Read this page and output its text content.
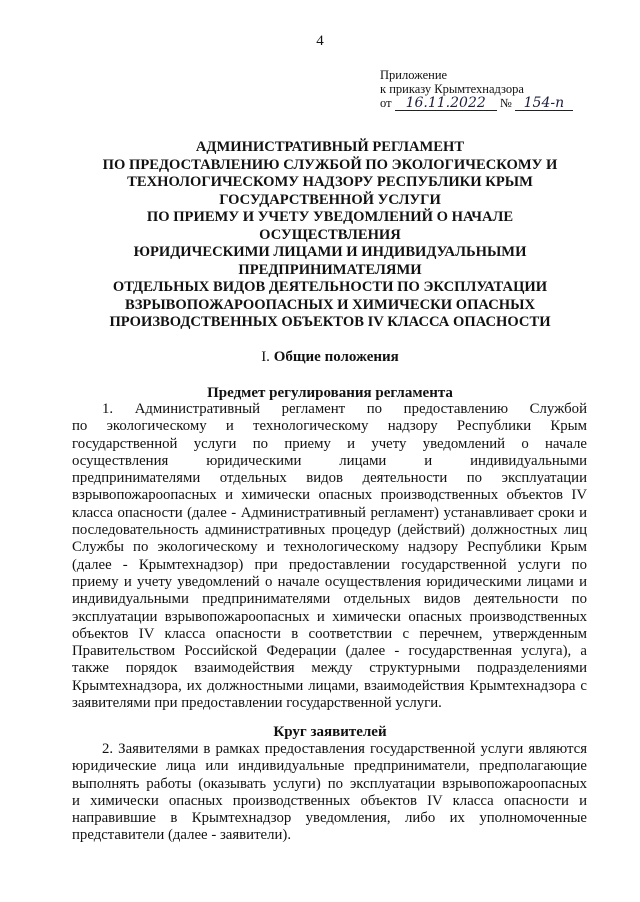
4
Приложение
к приказу Крымтехнадзора
от 16.11.2022 № 154-п
АДМИНИСТРАТИВНЫЙ РЕГЛАМЕНТ
ПО ПРЕДОСТАВЛЕНИЮ СЛУЖБОЙ ПО ЭКОЛОГИЧЕСКОМУ И
ТЕХНОЛОГИЧЕСКОМУ НАДЗОРУ РЕСПУБЛИКИ КРЫМ
ГОСУДАРСТВЕННОЙ УСЛУГИ
ПО ПРИЕМУ И УЧЕТУ УВЕДОМЛЕНИЙ О НАЧАЛЕ
ОСУЩЕСТВЛЕНИЯ
ЮРИДИЧЕСКИМИ ЛИЦАМИ И ИНДИВИДУАЛЬНЫМИ
ПРЕДПРИНИМАТЕЛЯМИ
ОТДЕЛЬНЫХ ВИДОВ ДЕЯТЕЛЬНОСТИ ПО ЭКСПЛУАТАЦИИ
ВЗРЫВОПОЖАРООПАСНЫХ И ХИМИЧЕСКИ ОПАСНЫХ
ПРОИЗВОДСТВЕННЫХ ОБЪЕКТОВ IV КЛАССА ОПАСНОСТИ
I. Общие положения
Предмет регулирования регламента
1. Административный регламент по предоставлению Службой
по экологическому и технологическому надзору Республики Крым
государственной услуги по приему и учету уведомлений о начале
осуществления юридическими лицами и индивидуальными
предпринимателями отдельных видов деятельности по эксплуатации
взрывопожароопасных и химически опасных производственных объектов IV
класса опасности (далее - Административный регламент) устанавливает сроки и
последовательность административных процедур (действий) должностных лиц
Службы по экологическому и технологическому надзору Республики Крым
(далее - Крымтехнадзор) при предоставлении государственной услуги по
приему и учету уведомлений о начале осуществления юридическими лицами и
индивидуальными предпринимателями отдельных видов деятельности по
эксплуатации взрывопожароопасных и химически опасных производственных
объектов IV класса опасности в соответствии с перечнем, утвержденным
Правительством Российской Федерации (далее - государственная услуга), а
также порядок взаимодействия между структурными подразделениями
Крымтехнадзора, их должностными лицами, взаимодействия Крымтехнадзора с
заявителями при предоставлении государственной услуги.
Круг заявителей
2. Заявителями в рамках предоставления государственной услуги являются
юридические лица или индивидуальные предприниматели, предполагающие
выполнять работы (оказывать услуги) по эксплуатации взрывопожароопасных
и химически опасных производственных объектов IV класса опасности и
направившие в Крымтехнадзор уведомления, либо их уполномоченные
представители (далее - заявители).
